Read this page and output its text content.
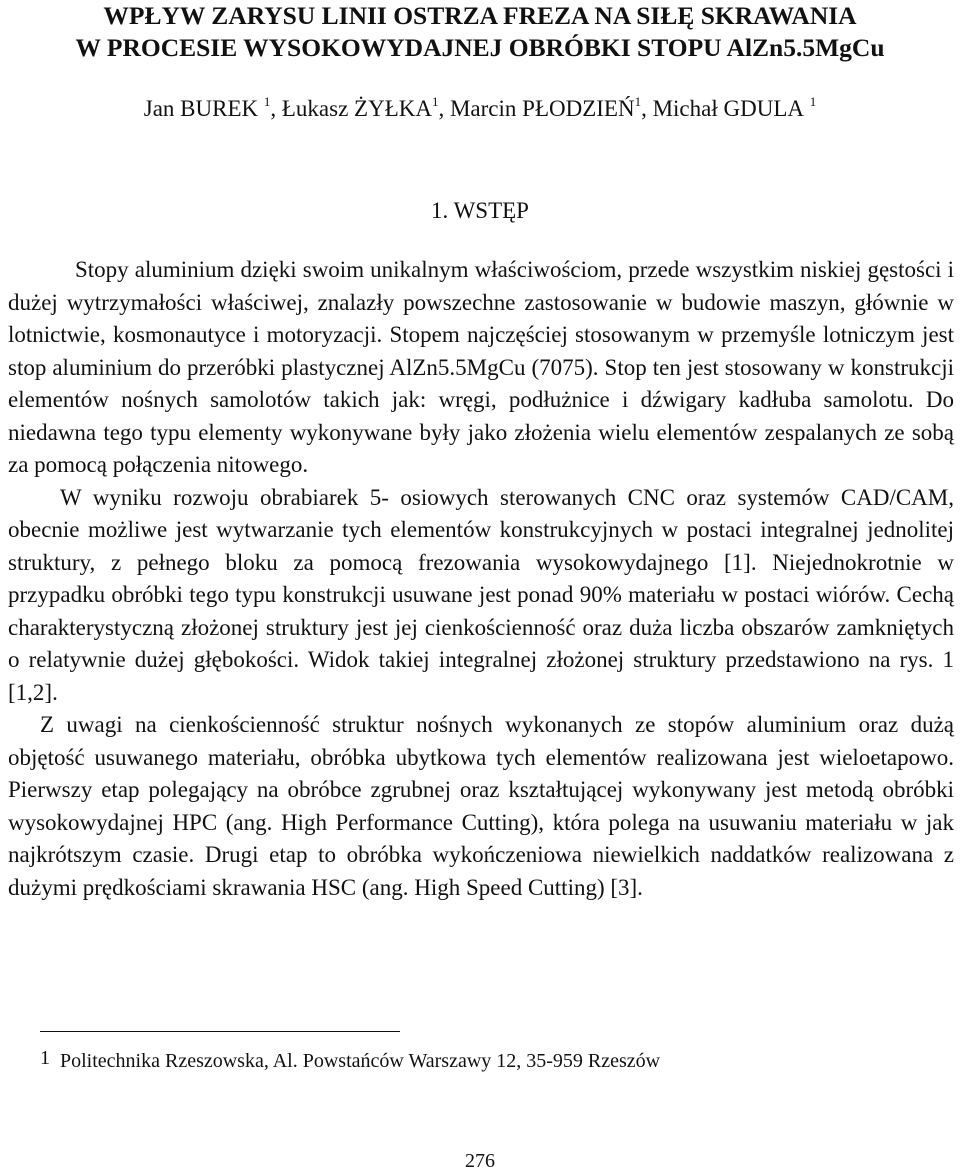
WPŁYW ZARYSU LINII OSTRZA FREZA NA SIŁĘ SKRAWANIA
W PROCESIE WYSOKOWYDAJNEJ OBRÓBKI STOPU AlZn5.5MgCu
Jan BUREK $^1$, Łukasz ŻYŁKA$^1$, Marcin PŁODZIEŃ$^1$, Michał GDULA $^1$
1. WSTĘP

Stopy aluminium dzięki swoim unikalnym właściwościom, przede wszystkim niskiej gęstości i dużej wytrzymałości właściwej, znalazły powszechne zastosowanie w budowie maszyn, głównie w lotnictwie, kosmonautyce i motoryzacji. Stopem najczęściej stosowanym w przemyśle lotniczym jest stop aluminium do przeróbki plastycznej AlZn5.5MgCu (7075). Stop ten jest stosowany w konstrukcji elementów nośnych samolotów takich jak: wręgi, podłużnice i dźwigary kadłuba samolotu. Do niedawna tego typu elementy wykonywane były jako złożenia wielu elementów zespalanych ze sobą za pomocą połączenia nitowego.

W wyniku rozwoju obrabiarek 5- osiowych sterowanych CNC oraz systemów CAD/CAM, obecnie możliwe jest wytwarzanie tych elementów konstrukcyjnych w postaci integralnej jednolitej struktury, z pełnego bloku za pomocą frezowania wysokowydajnego [1]. Niejednokrotnie w przypadku obróbki tego typu konstrukcji usuwane jest ponad 90% materiału w postaci wiórów. Cechą charakterystyczną złożonej struktury jest jej cienkościenność oraz duża liczba obszarów zamkniętych o relatywnie dużej głębokości. Widok takiej integralnej złożonej struktury przedstawiono na rys. 1 [1,2].

Z uwagi na cienkościenność struktur nośnych wykonanych ze stopów aluminium oraz dużą objętość usuwanego materiału, obróbka ubytkowa tych elementów realizowana jest wieloetapowo. Pierwszy etap polegający na obróbce zgrubnej oraz kształtującej wykonywany jest metodą obróbki wysokowydajnej HPC (ang. High Performance Cutting), która polega na usuwaniu materiału w jak najkrótszym czasie. Drugi etap to obróbka wykończeniowa niewielkich naddatków realizowana z dużymi prędkościami skrawania HSC (ang. High Speed Cutting) [3].

1 Politechnika Rzeszowska, Al. Powstańców Warszawy 12, 35-959 Rzeszów
276
